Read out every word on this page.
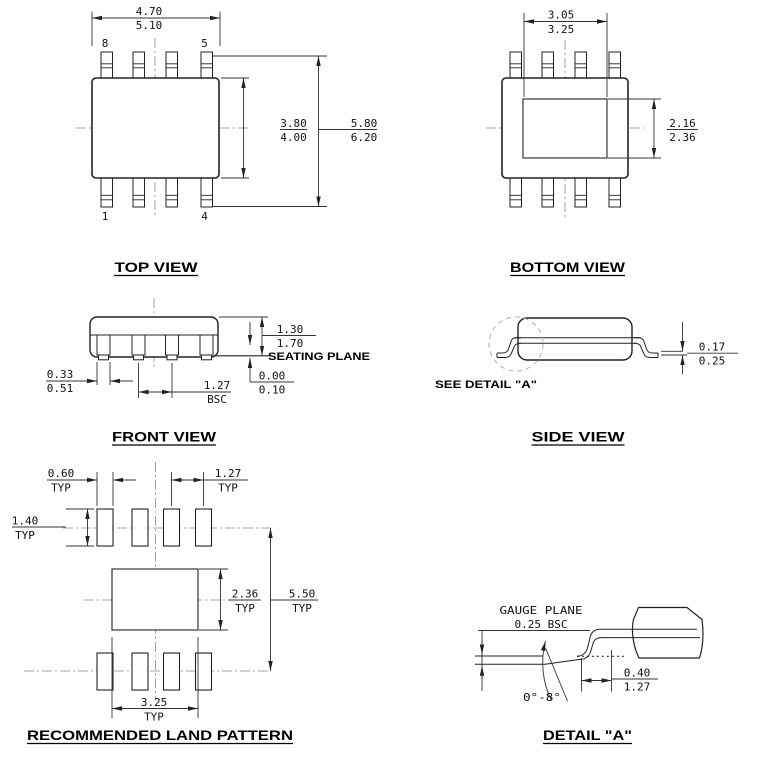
8	5
1	4
4.70
5.10
3.80
4.00
5.80
6.20
TOP VIEW
3.05
3.25
2.16
2.36
BOTTOM VIEW
1.30
1.70
0.00
0.10
0.33
0.51	1.27
BSC
SEATING PLANE
FRONT VIEW
SEE DETAIL "A"
0.17
0.25
SIDE VIEW
0.60
TYP
1.27
TYP
1.40
TYP
2.36
TYP
5.50
TYP
3.25
TYP
RECOMMENDED LAND PATTERN
GAUGE PLANE
0.25 BSC
0°-8°
0.40
1.27
DETAIL "A"
